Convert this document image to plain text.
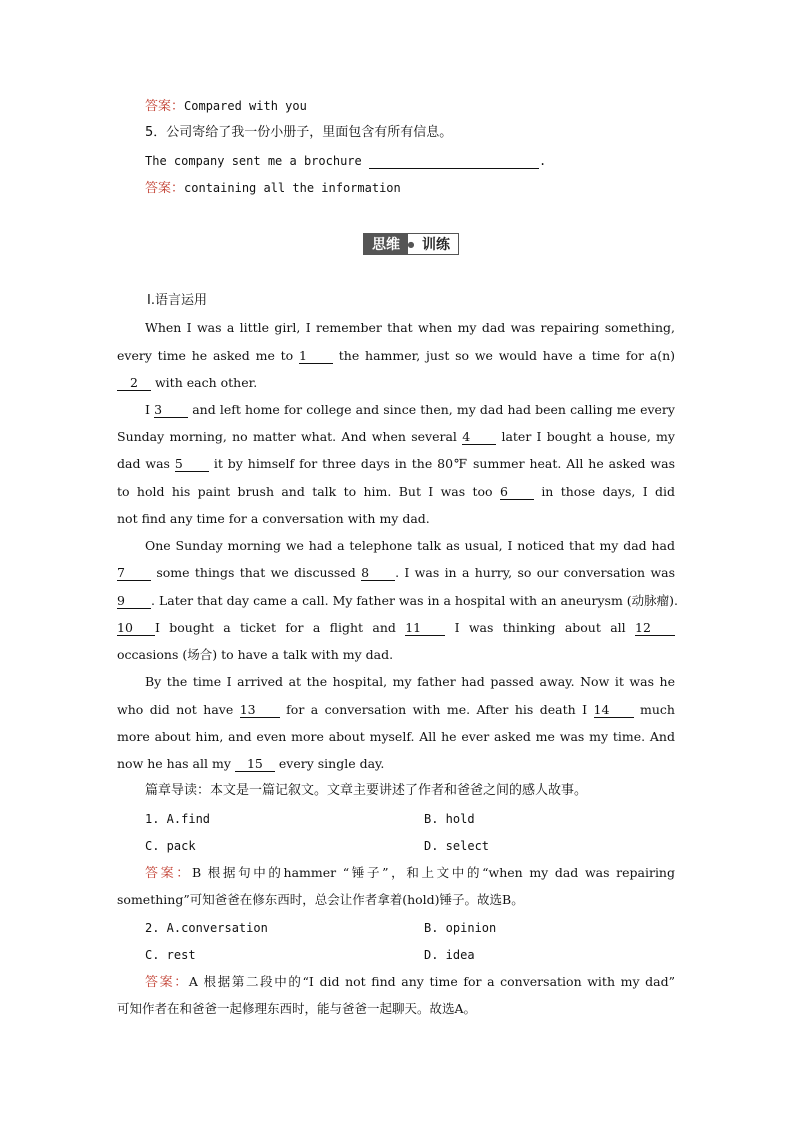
答案：Compared with you
5．公司寄给了我一份小册子，里面包含有所有信息。
The company sent me a brochure	.
答案：containing all the information
思维 ● 训练
Ⅰ.语言运用
When I was a little girl, I remember that when my dad was repairing something,
every time he asked me to 1	the hammer, just so we would have a time for a(n)
2 with each other.
I 3 and left home for college and since then, my dad had been calling me every
Sunday morning, no matter what. And when several 4	later I bought a house, my
dad was 5 it by himself for three days in the 80℉ summer heat. All he asked was
to hold his paint brush and talk to him. But I was too 6	in those days, I did
not find any time for a conversation with my dad.
One Sunday morning we had a telephone talk as usual, I noticed that my dad had
7	some things that we discussed 8 . I was in a hurry, so our conversation was
9 . Later that day came a call. My father was in a hospital with an aneurysm (动脉瘤).
10 I bought a ticket for a flight and 11	I was thinking about all 12
occasions (场合) to have a talk with my dad.
By the time I arrived at the hospital, my father had passed away. Now it was he
who did not have 13 for a conversation with me. After his death I 14 much
more about him, and even more about myself. All he ever asked me was my time. And
now he has all my 15 every single day.
篇章导读：本文是一篇记叙文。文章主要讲述了作者和爸爸之间的感人故事。
1. A.find	B. hold
C. pack	D. select
答案：B 根据句中的hammer “锤子”，和上文中的“when my dad was repairing
something”可知爸爸在修东西时，总会让作者拿着(hold)锤子。故选B。
2. A.conversation	B. opinion
C. rest	D. idea
答案：A 根据第二段中的“I did not find any time for a conversation with my dad”
可知作者在和爸爸一起修理东西时，能与爸爸一起聊天。故选A。
